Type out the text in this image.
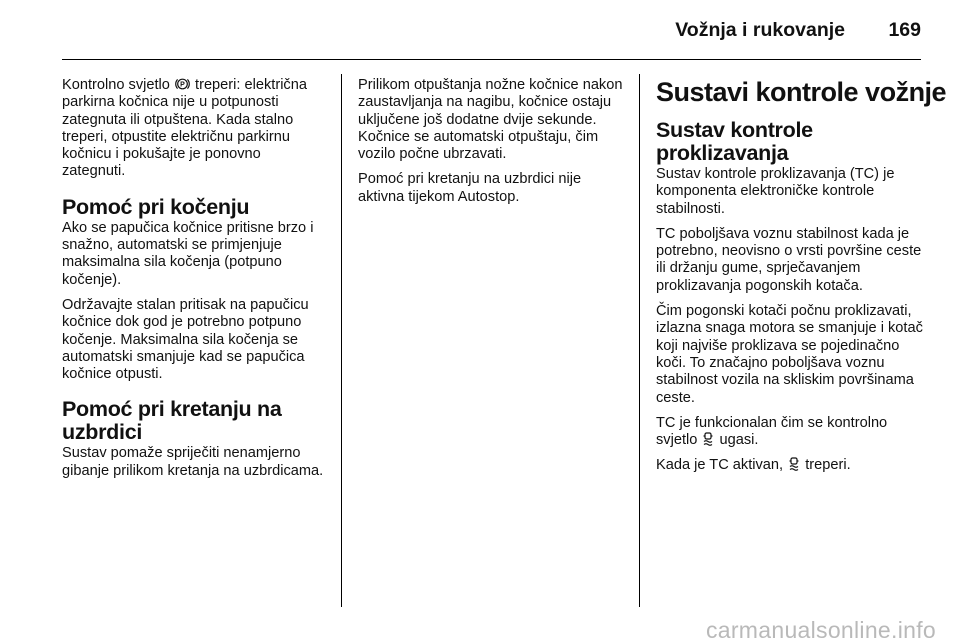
Vožnja i rukovanje 169

Kontrolno svjetlo P treperi: električna parkirna kočnica nije u potpunosti zategnuta ili otpuštena. Kada stalno treperi, otpustite električnu parkirnu kočnicu i pokušajte je ponovno zategnuti.

Pomoć pri kočenju

Ako se papučica kočnice pritisne brzo i snažno, automatski se primjenjuje maksimalna sila kočenja (potpuno kočenje).

Održavajte stalan pritisak na papučicu kočnice dok god je potrebno potpuno kočenje. Maksimalna sila kočenja se automatski smanjuje kad se papučica kočnice otpusti.

Pomoć pri kretanju na uzbrdici

Sustav pomaže spriječiti nenamjerno gibanje prilikom kretanja na uzbrdicama.

Prilikom otpuštanja nožne kočnice nakon zaustavljanja na nagibu, kočnice ostaju uključene još dodatne dvije sekunde. Kočnice se automatski otpuštaju, čim vozilo počne ubrzavati.

Pomoć pri kretanju na uzbrdici nije aktivna tijekom Autostop.

Sustavi kontrole vožnje
Sustav kontrole proklizavanja

Sustav kontrole proklizavanja (TC) je komponenta elektroničke kontrole stabilnosti.

TC poboljšava voznu stabilnost kada je potrebno, neovisno o vrsti površine ceste ili držanju gume, sprječavanjem proklizavanja pogonskih kotača.

Čim pogonski kotači počnu proklizavati, izlazna snaga motora se smanjuje i kotač koji najviše proklizava se pojedinačno koči. To značajno poboljšava voznu stabilnost vozila na skliskim površinama ceste.

TC je funkcionalan čim se kontrolno svjetlo ugasi.

Kada je TC aktivan, treperi.

carmanualsonline.info
